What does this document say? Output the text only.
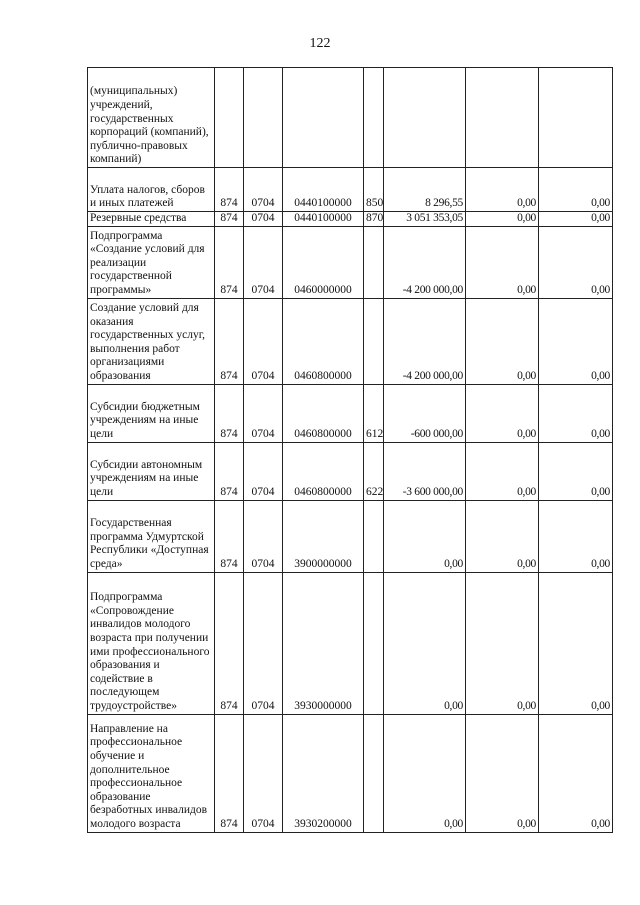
122
(муниципальных) учреждений, государственных корпораций (компаний), публично-правовых компаний)							
Уплата налогов, сборов и иных платежей	874	0704	0440100000	850	8 296,55	0,00	0,00
Резервные средства	874	0704	0440100000	870	3 051 353,05	0,00	0,00
Подпрограмма «Создание условий для реализации государственной программы»	874	0704	0460000000		-4 200 000,00	0,00	0,00
Создание условий для оказания государственных услуг, выполнения работ организациями образования	874	0704	0460800000		-4 200 000,00	0,00	0,00
Субсидии бюджетным учреждениям на иные цели	874	0704	0460800000	612	-600 000,00	0,00	0,00
Субсидии автономным учреждениям на иные цели	874	0704	0460800000	622	-3 600 000,00	0,00	0,00
Государственная программа Удмуртской Республики «Доступная среда»	874	0704	3900000000		0,00	0,00	0,00
Подпрограмма «Сопровождение инвалидов молодого возраста при получении ими профессионального образования и содействие в последующем трудоустройстве»	874	0704	3930000000		0,00	0,00	0,00
Направление на профессиональное обучение и дополнительное профессиональное образование безработных инвалидов молодого возраста	874	0704	3930200000		0,00	0,00	0,00
